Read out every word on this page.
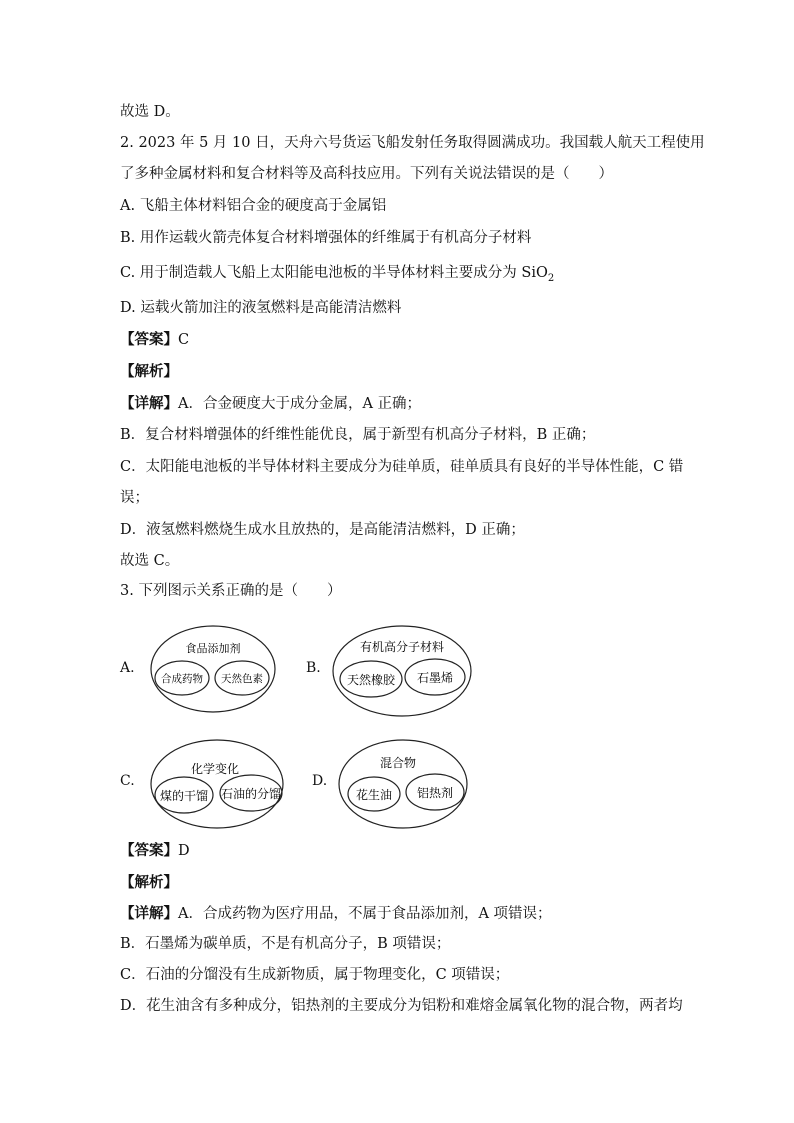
故选 D。
2. 2023 年 5 月 10 日，天舟六号货运飞船发射任务取得圆满成功。我国载人航天工程使用
了多种金属材料和复合材料等及高科技应用。下列有关说法错误的是（　　）
A. 飞船主体材料铝合金的硬度高于金属铝
B. 用作运载火箭壳体复合材料增强体的纤维属于有机高分子材料
C. 用于制造载人飞船上太阳能电池板的半导体材料主要成分为 SiO$_2$
D. 运载火箭加注的液氢燃料是高能清洁燃料
【答案】C
【解析】
【详解】A．合金硬度大于成分金属，A 正确；
B．复合材料增强体的纤维性能优良，属于新型有机高分子材料，B 正确；
C．太阳能电池板的半导体材料主要成分为硅单质，硅单质具有良好的半导体性能，C 错
误；
D．液氢燃料燃烧生成水且放热的，是高能清洁燃料，D 正确；
故选 C。
3. 下列图示关系正确的是（　　）
A.
食品添加剂
合成药物 天然色素
B.
有机高分子材料
天然橡胶 石墨烯
C.
化学变化
煤的干馏 石油的分馏
D.
混合物
花生油 铝热剂
【答案】D
【解析】
【详解】A．合成药物为医疗用品，不属于食品添加剂，A 项错误；
B．石墨烯为碳单质，不是有机高分子，B 项错误；
C．石油的分馏没有生成新物质，属于物理变化，C 项错误；
D．花生油含有多种成分，铝热剂的主要成分为铝粉和难熔金属氧化物的混合物，两者均
